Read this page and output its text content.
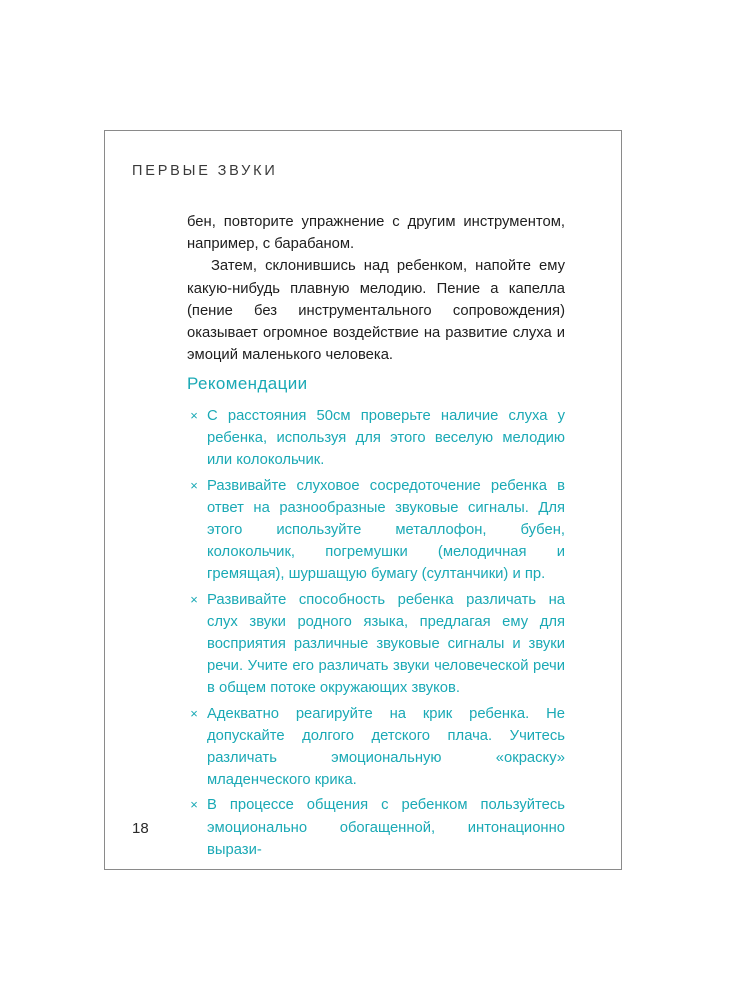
ПЕРВЫЕ ЗВУКИ

бен, повторите упражнение с другим инструментом, например, с барабаном.

Затем, склонившись над ребенком, напойте ему какую-нибудь плавную мелодию. Пение а капелла (пение без инструментального сопровождения) оказывает огромное воздействие на развитие слуха и эмоций маленького человека.

Рекомендации
× С расстояния 50см проверьте наличие слуха у ребенка, используя для этого веселую мелодию или колокольчик.
× Развивайте слуховое сосредоточение ребенка в ответ на разнообразные звуковые сигналы. Для этого используйте металлофон, бубен, колокольчик, погремушки (мелодичная и гремящая), шуршащую бумагу (султанчики) и пр.
× Развивайте способность ребенка различать на слух звуки родного языка, предлагая ему для восприятия различные звуковые сигналы и звуки речи. Учите его различать звуки человеческой речи в общем потоке окружающих звуков.
× Адекватно реагируйте на крик ребенка. Не допускайте долгого детского плача. Учитесь различать эмоциональную «окраску» младенческого крика.
× В процессе общения с ребенком пользуйтесь эмоционально обогащенной, интонационно вырази-
18
